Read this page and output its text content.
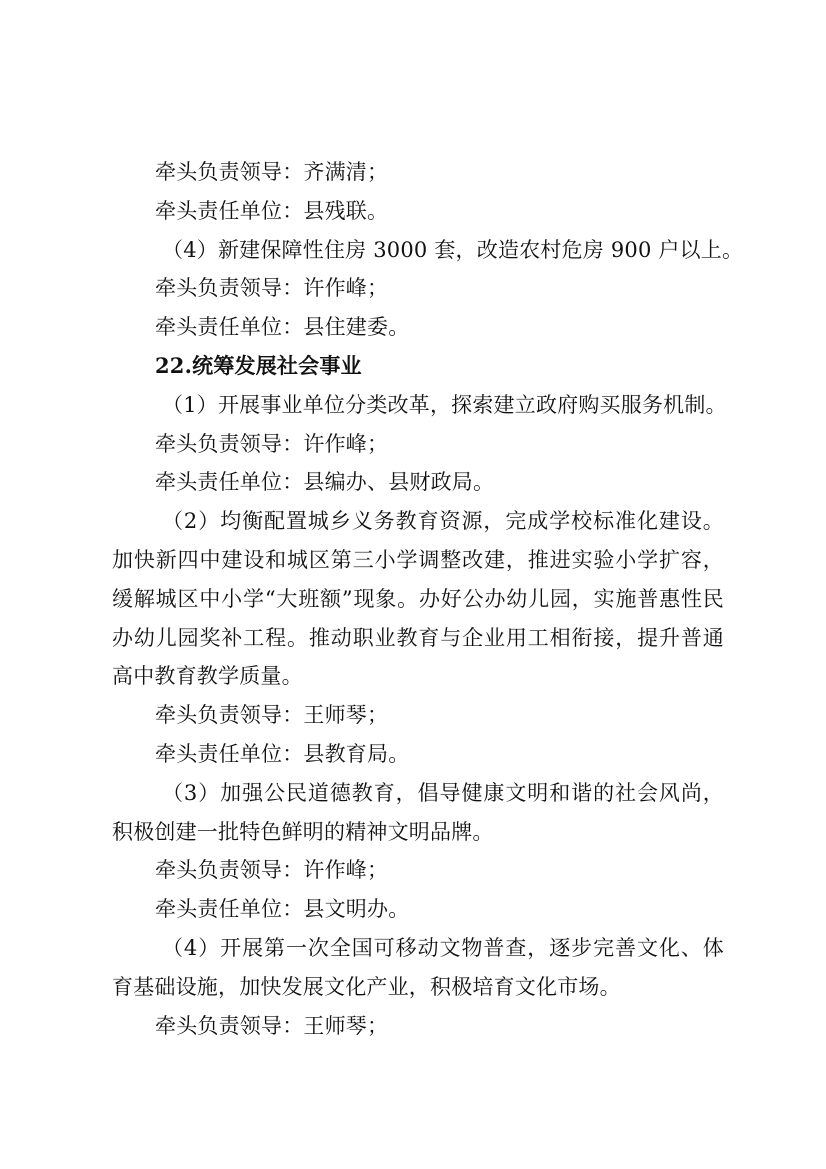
牵头负责领导：齐满清；
牵头责任单位：县残联。
（4）新建保障性住房 3000 套，改造农村危房 900 户以上。
牵头负责领导：许作峰；
牵头责任单位：县住建委。
22.统筹发展社会事业
（1）开展事业单位分类改革，探索建立政府购买服务机制。
牵头负责领导：许作峰；
牵头责任单位：县编办、县财政局。
（2）均衡配置城乡义务教育资源，完成学校标准化建设。加快新四中建设和城区第三小学调整改建，推进实验小学扩容，缓解城区中小学“大班额”现象。办好公办幼儿园，实施普惠性民办幼儿园奖补工程。推动职业教育与企业用工相衔接，提升普通高中教育教学质量。
牵头负责领导：王师琴；
牵头责任单位：县教育局。
（3）加强公民道德教育，倡导健康文明和谐的社会风尚，积极创建一批特色鲜明的精神文明品牌。
牵头负责领导：许作峰；
牵头责任单位：县文明办。
（4）开展第一次全国可移动文物普查，逐步完善文化、体育基础设施，加快发展文化产业，积极培育文化市场。
牵头负责领导：王师琴；
